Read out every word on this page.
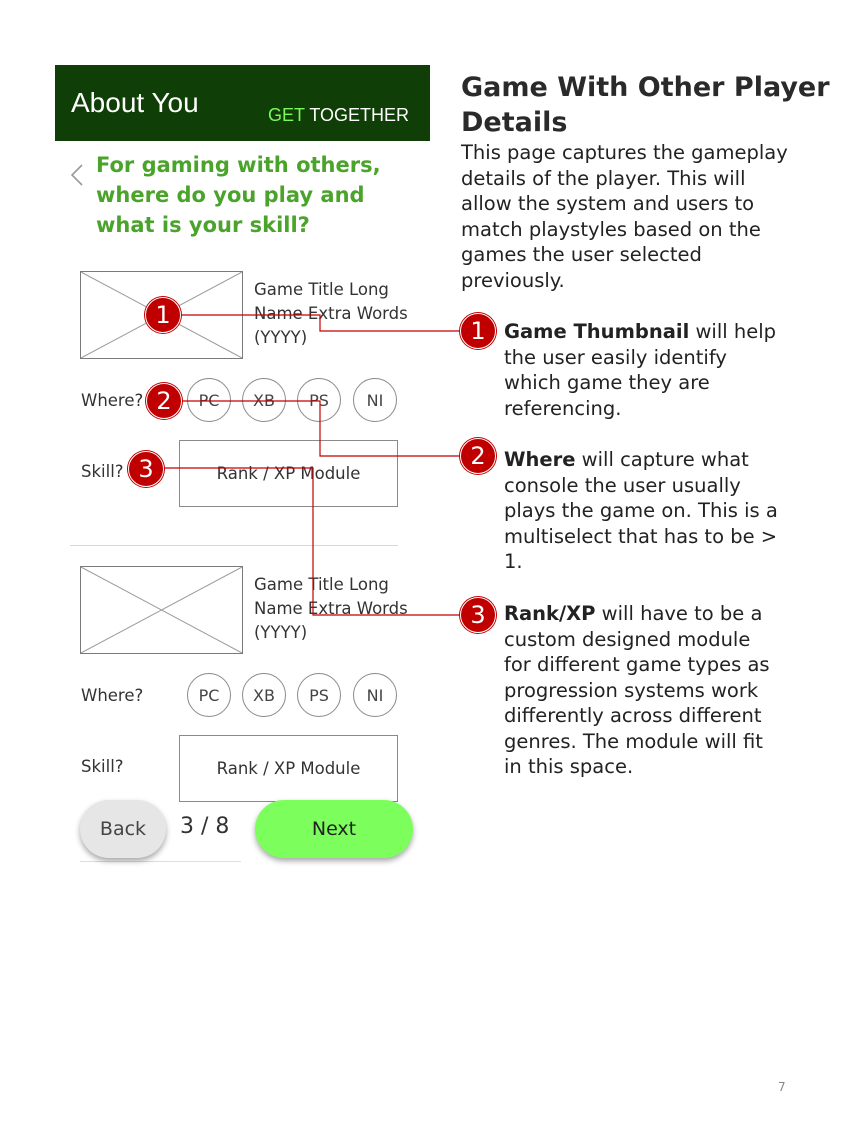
About You	GET TOGETHER
For gaming with others, where do you play and what is your skill?
Game Title Long Name Extra Words (YYYY)
Where?	PC	XB	PS	NI
Skill?	Rank / XP Module
Game Title Long Name Extra Words (YYYY)
Where?	PC	XB	PS	NI
Skill?	Rank / XP Module
Back	3 / 8	Next
1
2
3
Game With Other Player Details
This page captures the gameplay details of the player. This will allow the system and users to match playstyles based on the games the user selected previously.
1 Game Thumbnail will help the user easily identify which game they are referencing.
2 Where will capture what console the user usually plays the game on. This is a multiselect that has to be > 1.
3 Rank/XP will have to be a custom designed module for different game types as progression systems work differently across different genres. The module will fit in this space.
7
